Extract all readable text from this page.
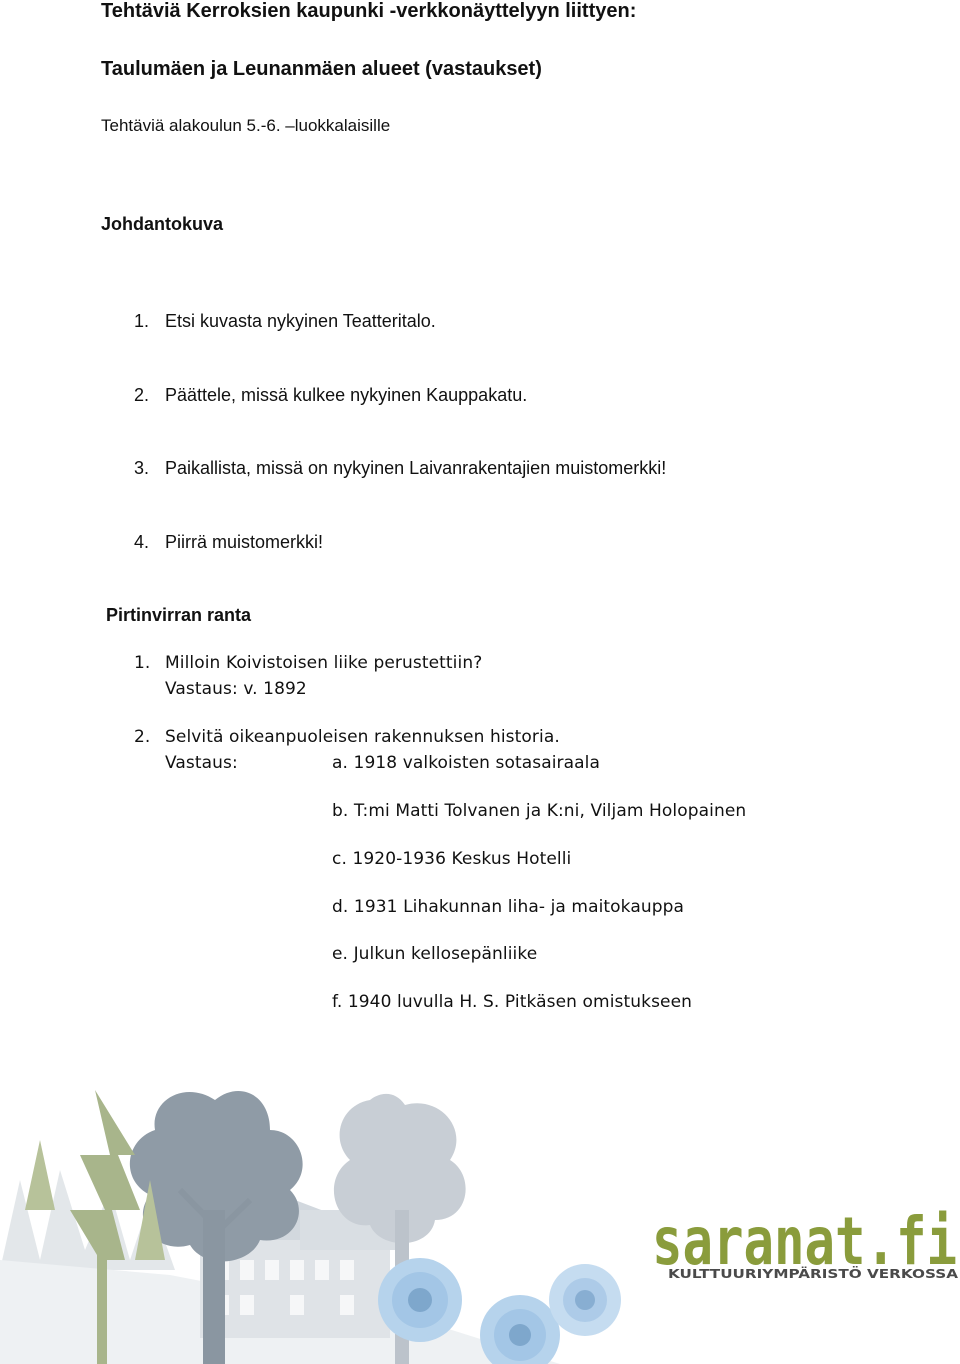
Tehtäviä Kerroksien kaupunki -verkkonäyttelyyn liittyen:
Taulumäen ja Leunanmäen alueet (vastaukset)
Tehtäviä alakoulun 5.-6. –luokkalaisille
Johdantokuva
1. Etsi kuvasta nykyinen Teatteritalo.
2. Päättele, missä kulkee nykyinen Kauppakatu.
3. Paikallista, missä on nykyinen Laivanrakentajien muistomerkki!
4. Piirrä muistomerkki!
Pirtinvirran ranta
1. Milloin Koivistoisen liike perustettiin?
Vastaus: v. 1892
2. Selvitä oikeanpuoleisen rakennuksen historia.
Vastaus:	a. 1918 valkoisten sotasairaala
b. T:mi Matti Tolvanen ja K:ni, Viljam Holopainen
c. 1920-1936 Keskus Hotelli
d. 1931 Lihakunnan liha- ja maitokauppa
e. Julkun kellosepänliike
f. 1940 luvulla H. S. Pitkäsen omistukseen
saranat.fi
KULTTUURIYMPÄRISTÖ VERKOSSA
